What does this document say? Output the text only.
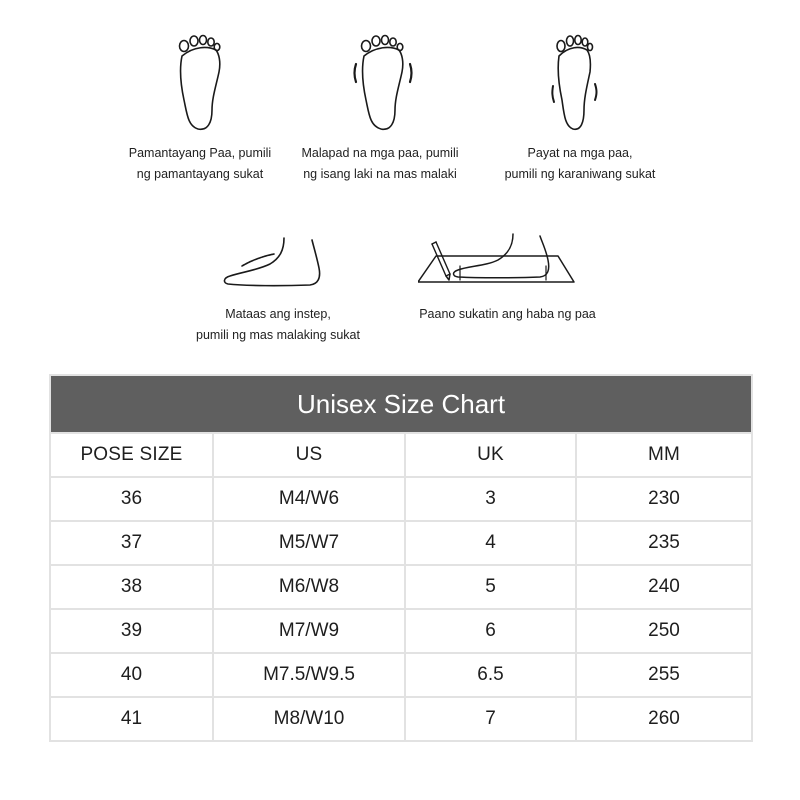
Pamantayang Paa, pumili
ng pamantayang sukat
Malapad na mga paa, pumili
ng isang laki na mas malaki
Payat na mga paa,
pumili ng karaniwang sukat
Mataas ang instep,
pumili ng mas malaking sukat
Paano sukatin ang haba ng paa
Unisex Size Chart			
POSE SIZE	US	UK	MM
36	M4/W6	3	230
37	M5/W7	4	235
38	M6/W8	5	240
39	M7/W9	6	250
40	M7.5/W9.5	6.5	255
41	M8/W10	7	260
